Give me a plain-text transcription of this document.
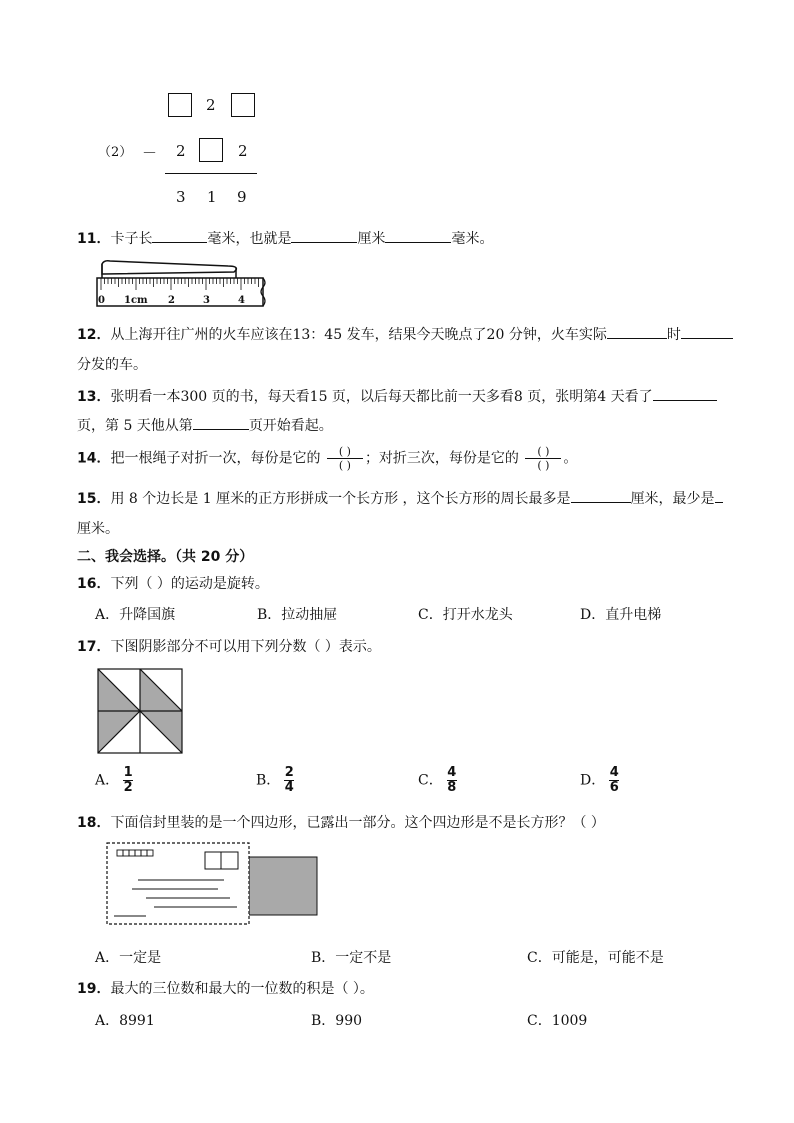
2
（2） － 2	2
3 1 9
11．卡子长	毫米，也就是	厘米	毫米。
0 1cm 2	3	4
12．从上海开往广州的火车应该在13：45 发车，结果今天晚点了20 分钟，火车实际	时
分发的车。
13．张明看一本300 页的书，每天看15 页，以后每天都比前一天多看8 页，张明第4 天看了
页，第 5 天他从第	页开始看起。
14．把一根绳子对折一次，每份是它的 $\frac{( )}{( )}$ ；对折三次，每份是它的 $\frac{( )}{( )}$ 。
15．用 8 个边长是 1 厘米的正方形拼成一个长方形 ，这个长方形的周长最多是	厘米，最少是
厘米。
二、我会选择。（共 20 分）
16．下列（ ）的运动是旋转。
A．升降国旗	B．拉动抽屉	C．打开水龙头	D．直升电梯
17．下图阴影部分不可以用下列分数（ ）表示。
A． $\frac{1}{2}$	B． $\frac{2}{4}$	C． $\frac{4}{8}$	D． $\frac{4}{6}$
18．下面信封里装的是一个四边形，已露出一部分。这个四边形是不是长方形？（ ）
A．一定是	B．一定不是	C．可能是，可能不是
19．最大的三位数和最大的一位数的积是（ ）。
A．8991	B．990	C．1009
